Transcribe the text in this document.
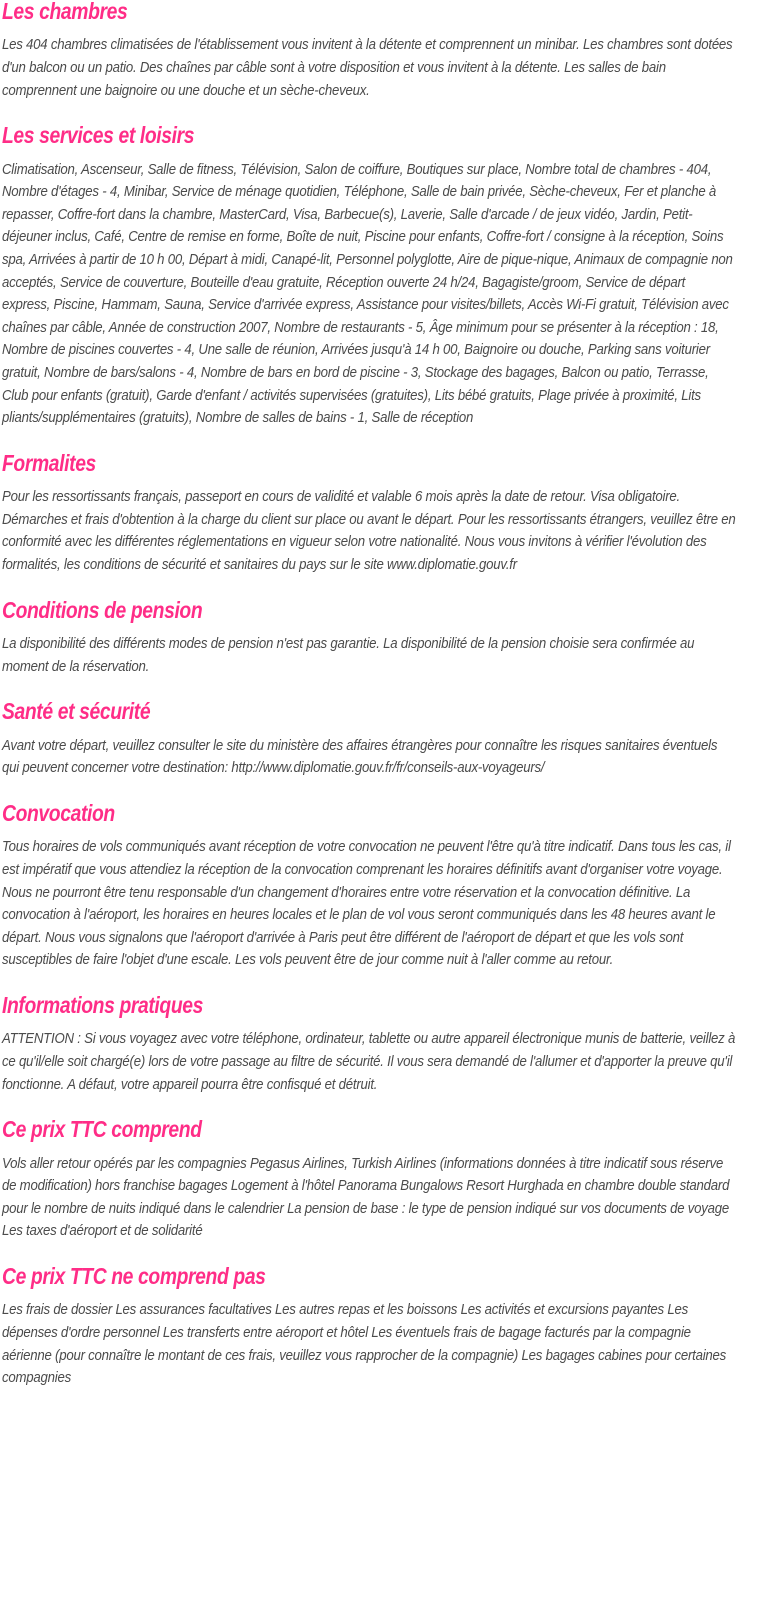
Les chambres

Les 404 chambres climatisées de l'établissement vous invitent à la détente et comprennent un minibar. Les chambres sont dotées d'un balcon ou un patio. Des chaînes par câble sont à votre disposition et vous invitent à la détente. Les salles de bain comprennent une baignoire ou une douche et un sèche-cheveux.

Les services et loisirs

Climatisation, Ascenseur, Salle de fitness, Télévision, Salon de coiffure, Boutiques sur place, Nombre total de chambres - 404, Nombre d'étages - 4, Minibar, Service de ménage quotidien, Téléphone, Salle de bain privée, Sèche-cheveux, Fer et planche à repasser, Coffre-fort dans la chambre, MasterCard, Visa, Barbecue(s), Laverie, Salle d'arcade / de jeux vidéo, Jardin, Petit-déjeuner inclus, Café, Centre de remise en forme, Boîte de nuit, Piscine pour enfants, Coffre-fort / consigne à la réception, Soins spa, Arrivées à partir de 10 h 00, Départ à midi, Canapé-lit, Personnel polyglotte, Aire de pique-nique, Animaux de compagnie non acceptés, Service de couverture, Bouteille d'eau gratuite, Réception ouverte 24 h/24, Bagagiste/groom, Service de départ express, Piscine, Hammam, Sauna, Service d'arrivée express, Assistance pour visites/billets, Accès Wi-Fi gratuit, Télévision avec chaînes par câble, Année de construction 2007, Nombre de restaurants - 5, Âge minimum pour se présenter à la réception : 18, Nombre de piscines couvertes - 4, Une salle de réunion, Arrivées jusqu'à 14 h 00, Baignoire ou douche, Parking sans voiturier gratuit, Nombre de bars/salons - 4, Nombre de bars en bord de piscine - 3, Stockage des bagages, Balcon ou patio, Terrasse, Club pour enfants (gratuit), Garde d'enfant / activités supervisées (gratuites), Lits bébé gratuits, Plage privée à proximité, Lits pliants/supplémentaires (gratuits), Nombre de salles de bains - 1, Salle de réception

Formalites

Pour les ressortissants français, passeport en cours de validité et valable 6 mois après la date de retour. Visa obligatoire. Démarches et frais d'obtention à la charge du client sur place ou avant le départ. Pour les ressortissants étrangers, veuillez être en conformité avec les différentes réglementations en vigueur selon votre nationalité. Nous vous invitons à vérifier l'évolution des formalités, les conditions de sécurité et sanitaires du pays sur le site www.diplomatie.gouv.fr

Conditions de pension

La disponibilité des différents modes de pension n'est pas garantie. La disponibilité de la pension choisie sera confirmée au moment de la réservation.

Santé et sécurité

Avant votre départ, veuillez consulter le site du ministère des affaires étrangères pour connaître les risques sanitaires éventuels qui peuvent concerner votre destination: http://www.diplomatie.gouv.fr/fr/conseils-aux-voyageurs/

Convocation

Tous horaires de vols communiqués avant réception de votre convocation ne peuvent l'être qu'à titre indicatif. Dans tous les cas, il est impératif que vous attendiez la réception de la convocation comprenant les horaires définitifs avant d'organiser votre voyage. Nous ne pourront être tenu responsable d'un changement d'horaires entre votre réservation et la convocation définitive. La convocation à l'aéroport, les horaires en heures locales et le plan de vol vous seront communiqués dans les 48 heures avant le départ. Nous vous signalons que l'aéroport d'arrivée à Paris peut être différent de l'aéroport de départ et que les vols sont susceptibles de faire l'objet d'une escale. Les vols peuvent être de jour comme nuit à l'aller comme au retour.

Informations pratiques

ATTENTION : Si vous voyagez avec votre téléphone, ordinateur, tablette ou autre appareil électronique munis de batterie, veillez à ce qu'il/elle soit chargé(e) lors de votre passage au filtre de sécurité. Il vous sera demandé de l'allumer et d'apporter la preuve qu'il fonctionne. A défaut, votre appareil pourra être confisqué et détruit.

Ce prix TTC comprend

Vols aller retour opérés par les compagnies Pegasus Airlines, Turkish Airlines (informations données à titre indicatif sous réserve de modification) hors franchise bagages Logement à l'hôtel Panorama Bungalows Resort Hurghada en chambre double standard pour le nombre de nuits indiqué dans le calendrier La pension de base : le type de pension indiqué sur vos documents de voyage Les taxes d'aéroport et de solidarité

Ce prix TTC ne comprend pas

Les frais de dossier Les assurances facultatives Les autres repas et les boissons Les activités et excursions payantes Les dépenses d'ordre personnel Les transferts entre aéroport et hôtel Les éventuels frais de bagage facturés par la compagnie aérienne (pour connaître le montant de ces frais, veuillez vous rapprocher de la compagnie) Les bagages cabines pour certaines compagnies
